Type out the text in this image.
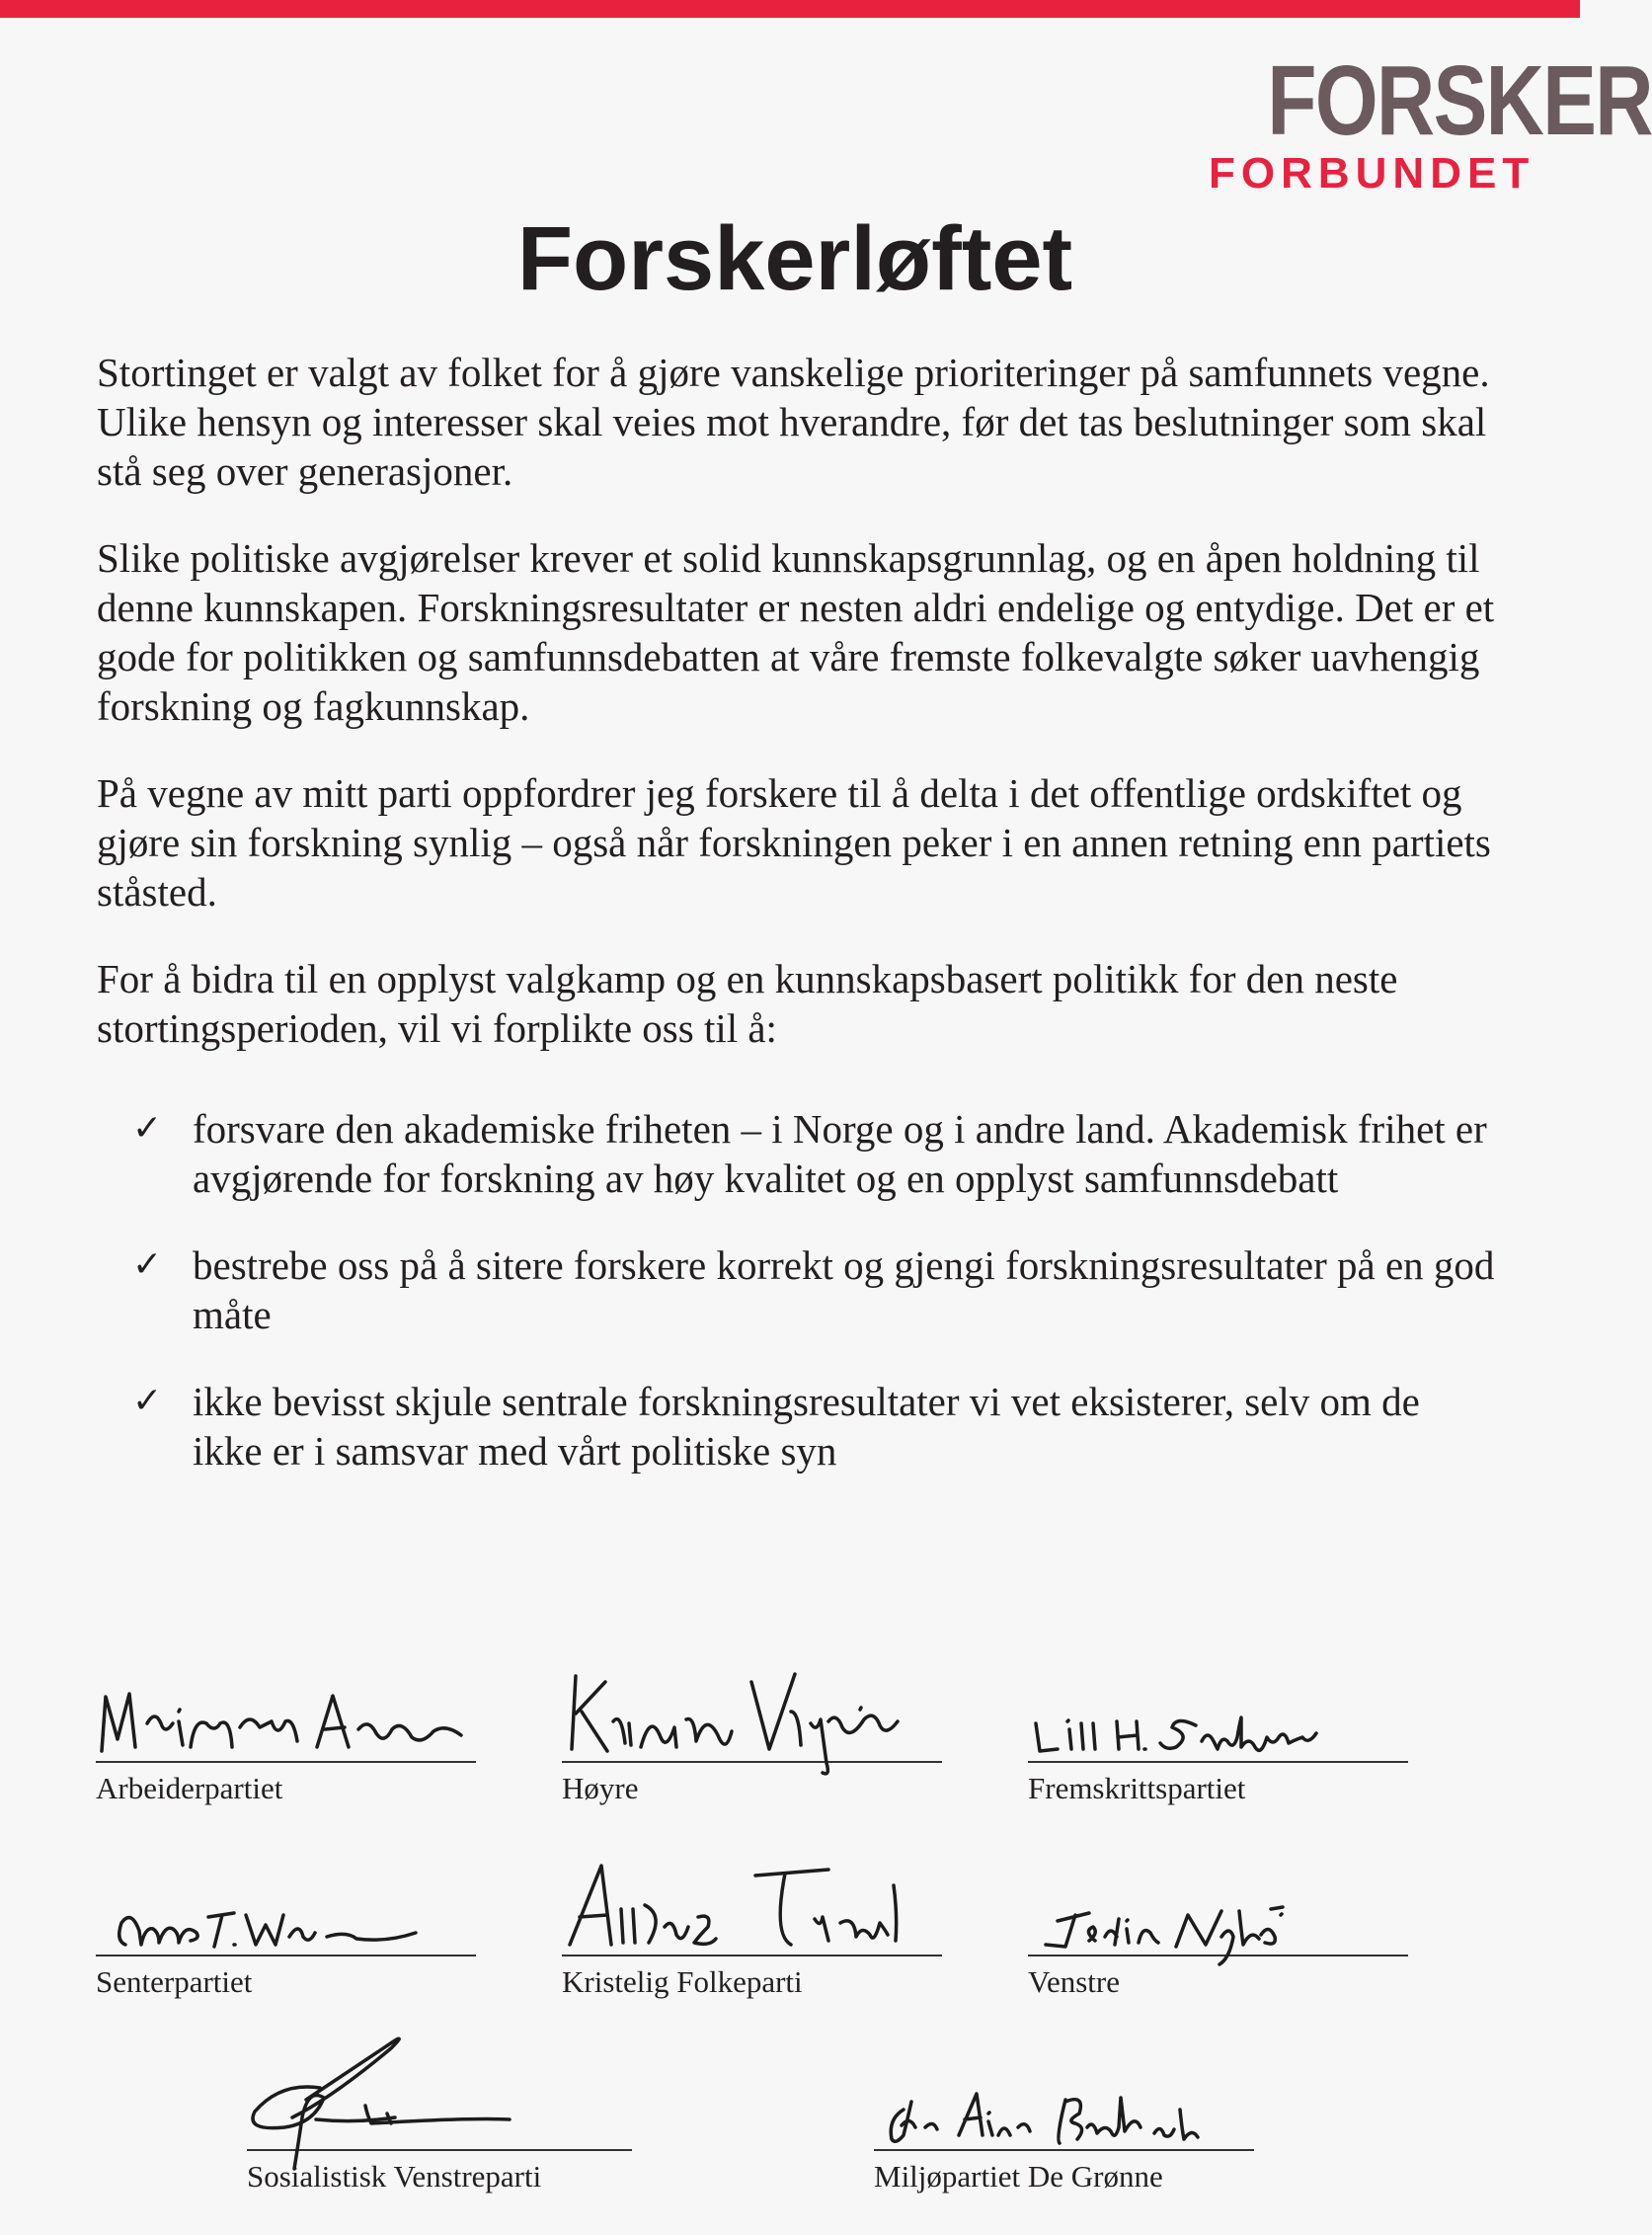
FORSKER
FORBUNDET
Forskerløftet

Stortinget er valgt av folket for å gjøre vanskelige prioriteringer på samfunnets vegne. Ulike hensyn og interesser skal veies mot hverandre, før det tas beslutninger som skal stå seg over generasjoner.

Slike politiske avgjørelser krever et solid kunnskapsgrunnlag, og en åpen holdning til denne kunnskapen. Forskningsresultater er nesten aldri endelige og entydige. Det er et gode for politikken og samfunnsdebatten at våre fremste folkevalgte søker uavhengig forskning og fagkunnskap.

På vegne av mitt parti oppfordrer jeg forskere til å delta i det offentlige ordskiftet og gjøre sin forskning synlig – også når forskningen peker i en annen retning enn partiets ståsted.

For å bidra til en opplyst valgkamp og en kunnskapsbasert politikk for den neste stortingsperioden, vil vi forplikte oss til å:

✓ forsvare den akademiske friheten – i Norge og i andre land. Akademisk frihet er avgjørende for forskning av høy kvalitet og en opplyst samfunnsdebatt
✓ bestrebe oss på å sitere forskere korrekt og gjengi forskningsresultater på en god måte
✓ ikke bevisst skjule sentrale forskningsresultater vi vet eksisterer, selv om de ikke er i samsvar med vårt politiske syn
Arbeiderpartiet	Høyre	Fremskrittspartiet
Senterpartiet	Kristelig Folkeparti	Venstre
Sosialistisk Venstreparti	Miljøpartiet De Grønne
